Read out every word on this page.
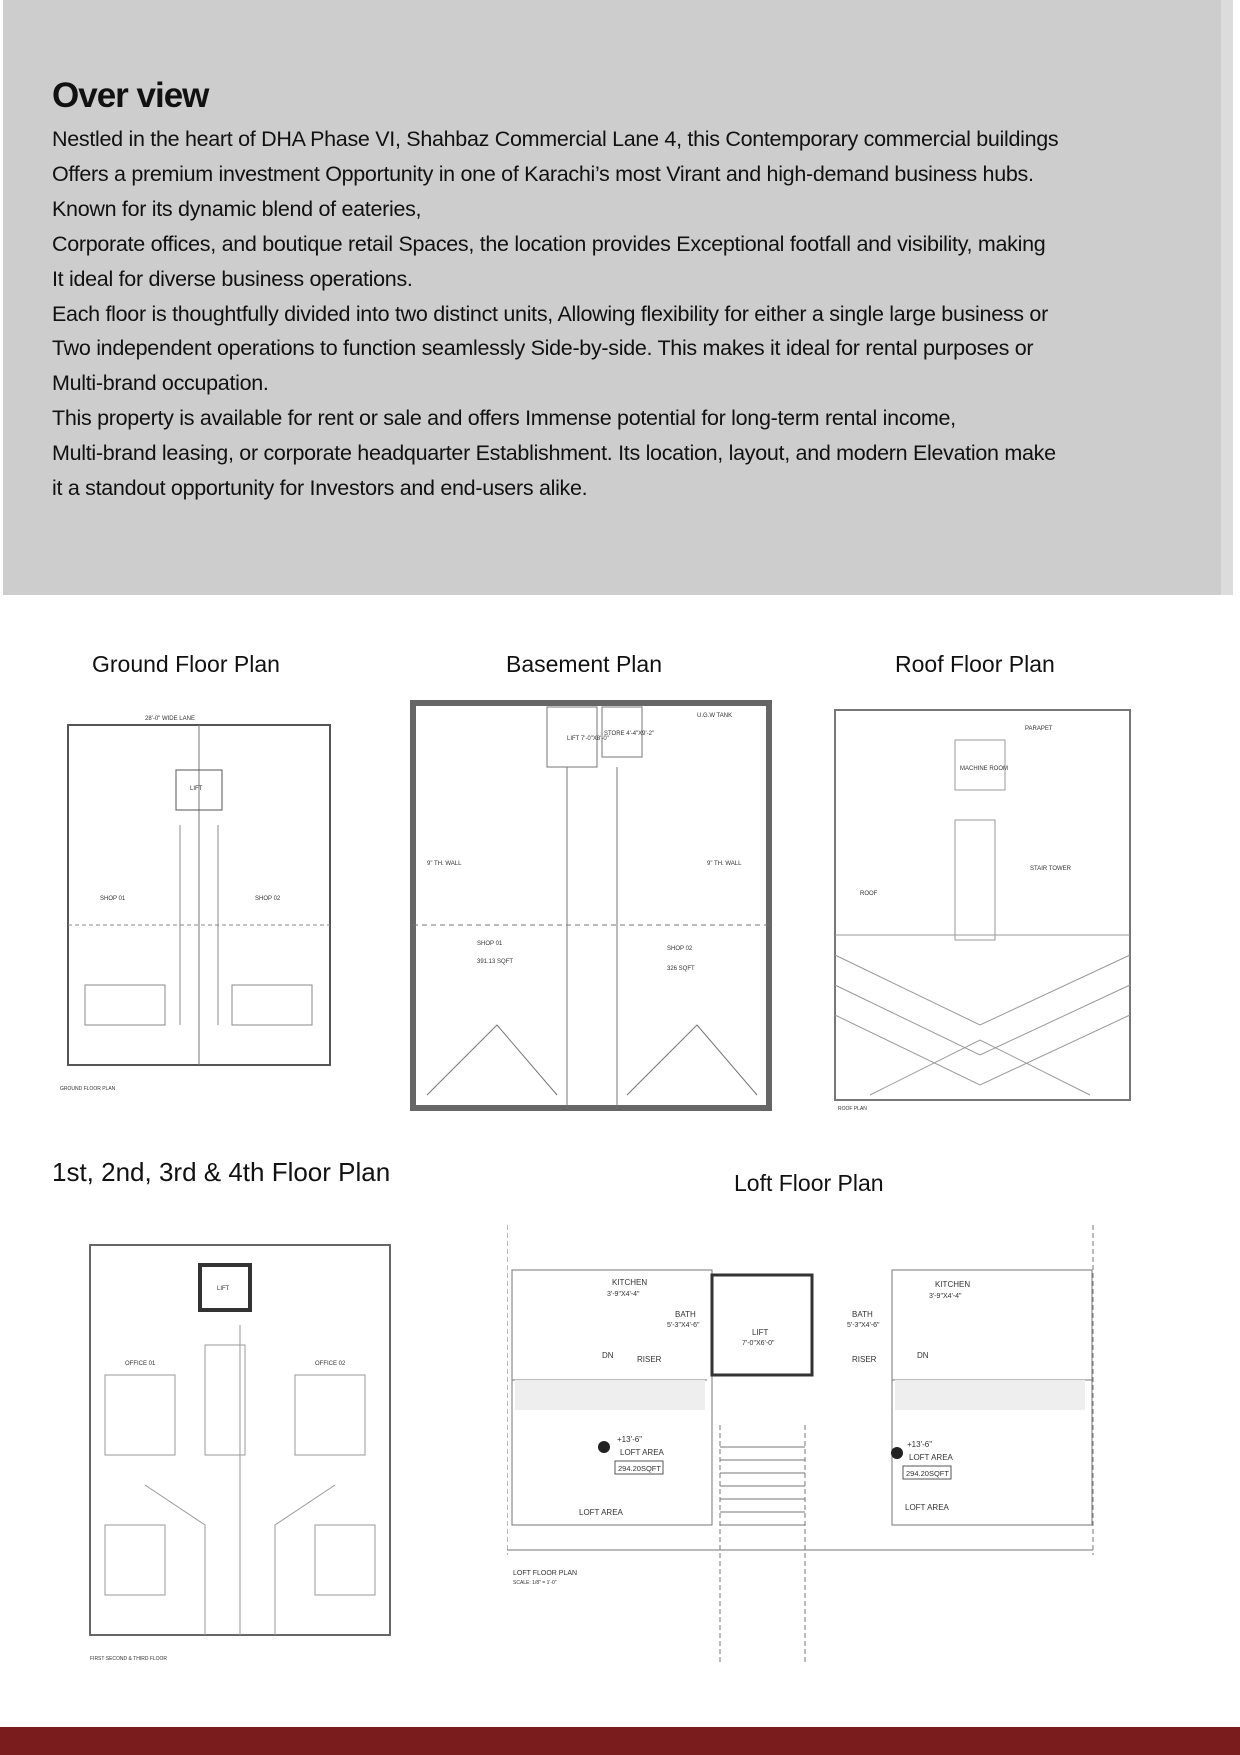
Over view

Nestled in the heart of DHA Phase VI, Shahbaz Commercial Lane 4, this Contemporary commercial buildings

Offers a premium investment Opportunity in one of Karachi’s most Virant and high-demand business hubs.

Known for its dynamic blend of eateries,

Corporate offices, and boutique retail Spaces, the location provides Exceptional footfall and visibility, making

It ideal for diverse business operations.

Each floor is thoughtfully divided into two distinct units, Allowing flexibility for either a single large business or

Two independent operations to function seamlessly Side-by-side. This makes it ideal for rental purposes or

Multi-brand occupation.

This property is available for rent or sale and offers Immense potential for long-term rental income,

Multi-brand leasing, or corporate headquarter Establishment. Its location, layout, and modern Elevation make

it a standout opportunity for Investors and end-users alike.

Ground Floor Plan	Basement Plan	Roof Floor Plan
1st, 2nd, 3rd & 4th Floor Plan	Loft Floor Plan
28'-0" WIDE LANE
LIFT
SHOP 01	SHOP 02
GROUND FLOOR PLAN
LIFT 7'-0"X8'-0"
STORE 4'-4"X9'-2"
U.G.W TANK
9" TH. WALL	9" TH. WALL
SHOP 01
SHOP 02
391.13 SQFT
326 SQFT
PARAPET
MACHINE ROOM
STAIR TOWER
ROOF
ROOF PLAN
LIFT
OFFICE 01	OFFICE 02
FIRST SECOND & THIRD FLOOR
KITCHEN
3'-9"X4'-4"
KITCHEN
3'-9"X4'-4"
BATH
5'-3"X4'-6"
BATH
5'-3"X4'-6"
LIFT
7'-0"X6'-0"
RISER	RISER
DN	DN
+13'-6"
+13'-6"
LOFT AREA
LOFT AREA
294.20SQFT
294.20SQFT
LOFT AREA
LOFT AREA
LOFT FLOOR PLAN
SCALE: 1/8" = 1'-0"
